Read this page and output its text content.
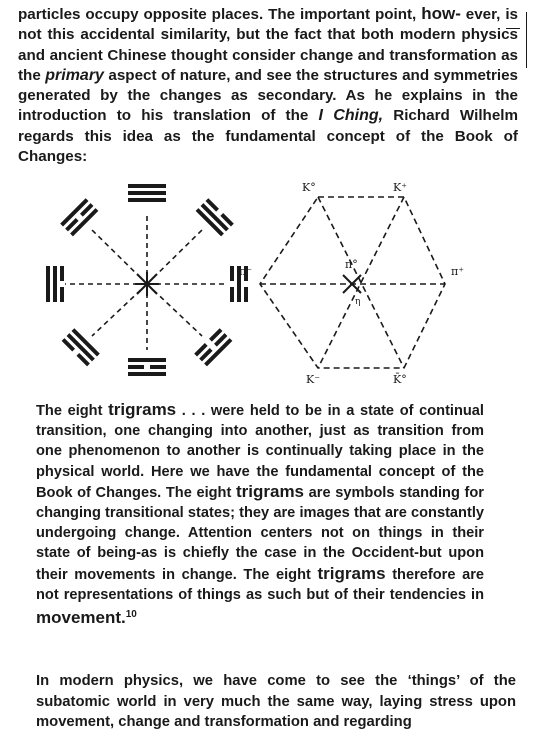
particles occupy opposite places. The important point, how- ever, is not this accidental similarity, but the fact that both modern physics and ancient Chinese thought consider change and transformation as the primary aspect of nature, and see the structures and symmetries generated by the changes as secondary. As he explains in the introduction to his translation of the I Ching, Richard Wilhelm regards this idea as the fundamental concept of the Book of Changes:

K°	K⁺
π⁻	π⁺
π°
η
K⁻	K̄°

The eight trigrams . . . were held to be in a state of continual transition, one changing into another, just as transition from one phenomenon to another is continually taking place in the physical world. Here we have the fundamental concept of the Book of Changes. The eight trigrams are symbols standing for changing transitional states; they are images that are constantly undergoing change. Attention centers not on things in their state of being-as is chiefly the case in the Occident-but upon their movements in change. The eight trigrams therefore are not representations of things as such but of their tendencies in movement.$^{10}$

In modern physics, we have come to see the ‘things’ of the subatomic world in very much the same way, laying stress upon movement, change and transformation and regarding
